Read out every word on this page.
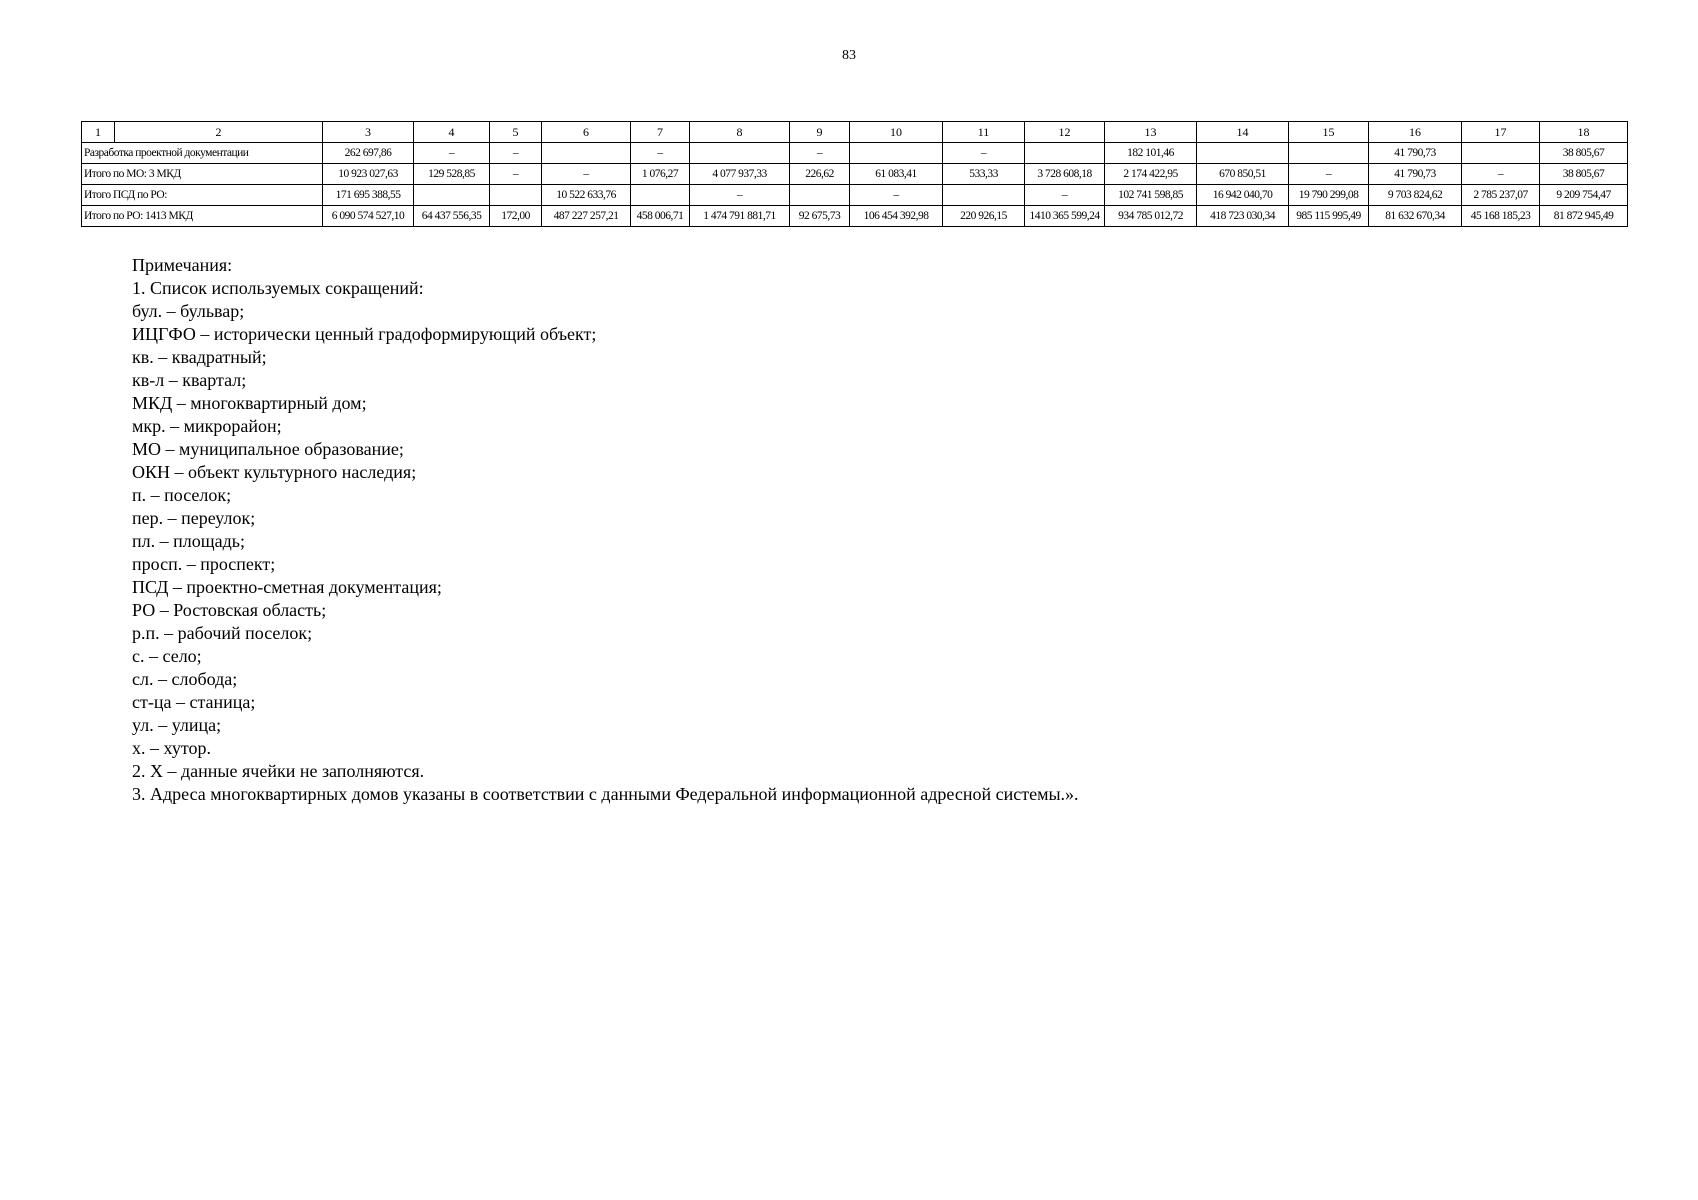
83
1	2	3	4	5	6	7	8	9	10	11	12	13	14	15	16	17	18
Разработка проектной документации		262 697,86	–	–		–		–		–		182 101,46			41 790,73		38 805,67
Итого по МО: 3 МКД		10 923 027,63	129 528,85	–	–	1 076,27	4 077 937,33	226,62	61 083,41	533,33	3 728 608,18	2 174 422,95	670 850,51	–	41 790,73	–	38 805,67
Итого ПСД по РО:		171 695 388,55			10 522 633,76		–		–		–	102 741 598,85	16 942 040,70	19 790 299,08	9 703 824,62	2 785 237,07	9 209 754,47
Итого по РО: 1413 МКД		6 090 574 527,10	64 437 556,35	172,00	487 227 257,21	458 006,71	1 474 791 881,71	92 675,73	106 454 392,98	220 926,15	1410 365 599,24	934 785 012,72	418 723 030,34	985 115 995,49	81 632 670,34	45 168 185,23	81 872 945,49
Примечания:
1. Список используемых сокращений:
бул. – бульвар;
ИЦГФО – исторически ценный градоформирующий объект;
кв. – квадратный;
кв-л – квартал;
МКД – многоквартирный дом;
мкр. – микрорайон;
МО – муниципальное образование;
ОКН – объект культурного наследия;
п. – поселок;
пер. – переулок;
пл. – площадь;
просп. – проспект;
ПСД – проектно-сметная документация;
РО – Ростовская область;
р.п. – рабочий поселок;
с. – село;
сл. – слобода;
ст-ца – станица;
ул. – улица;
х. – хутор.
2. Х – данные ячейки не заполняются.
3. Адреса многоквартирных домов указаны в соответствии с данными Федеральной информационной адресной системы.».
